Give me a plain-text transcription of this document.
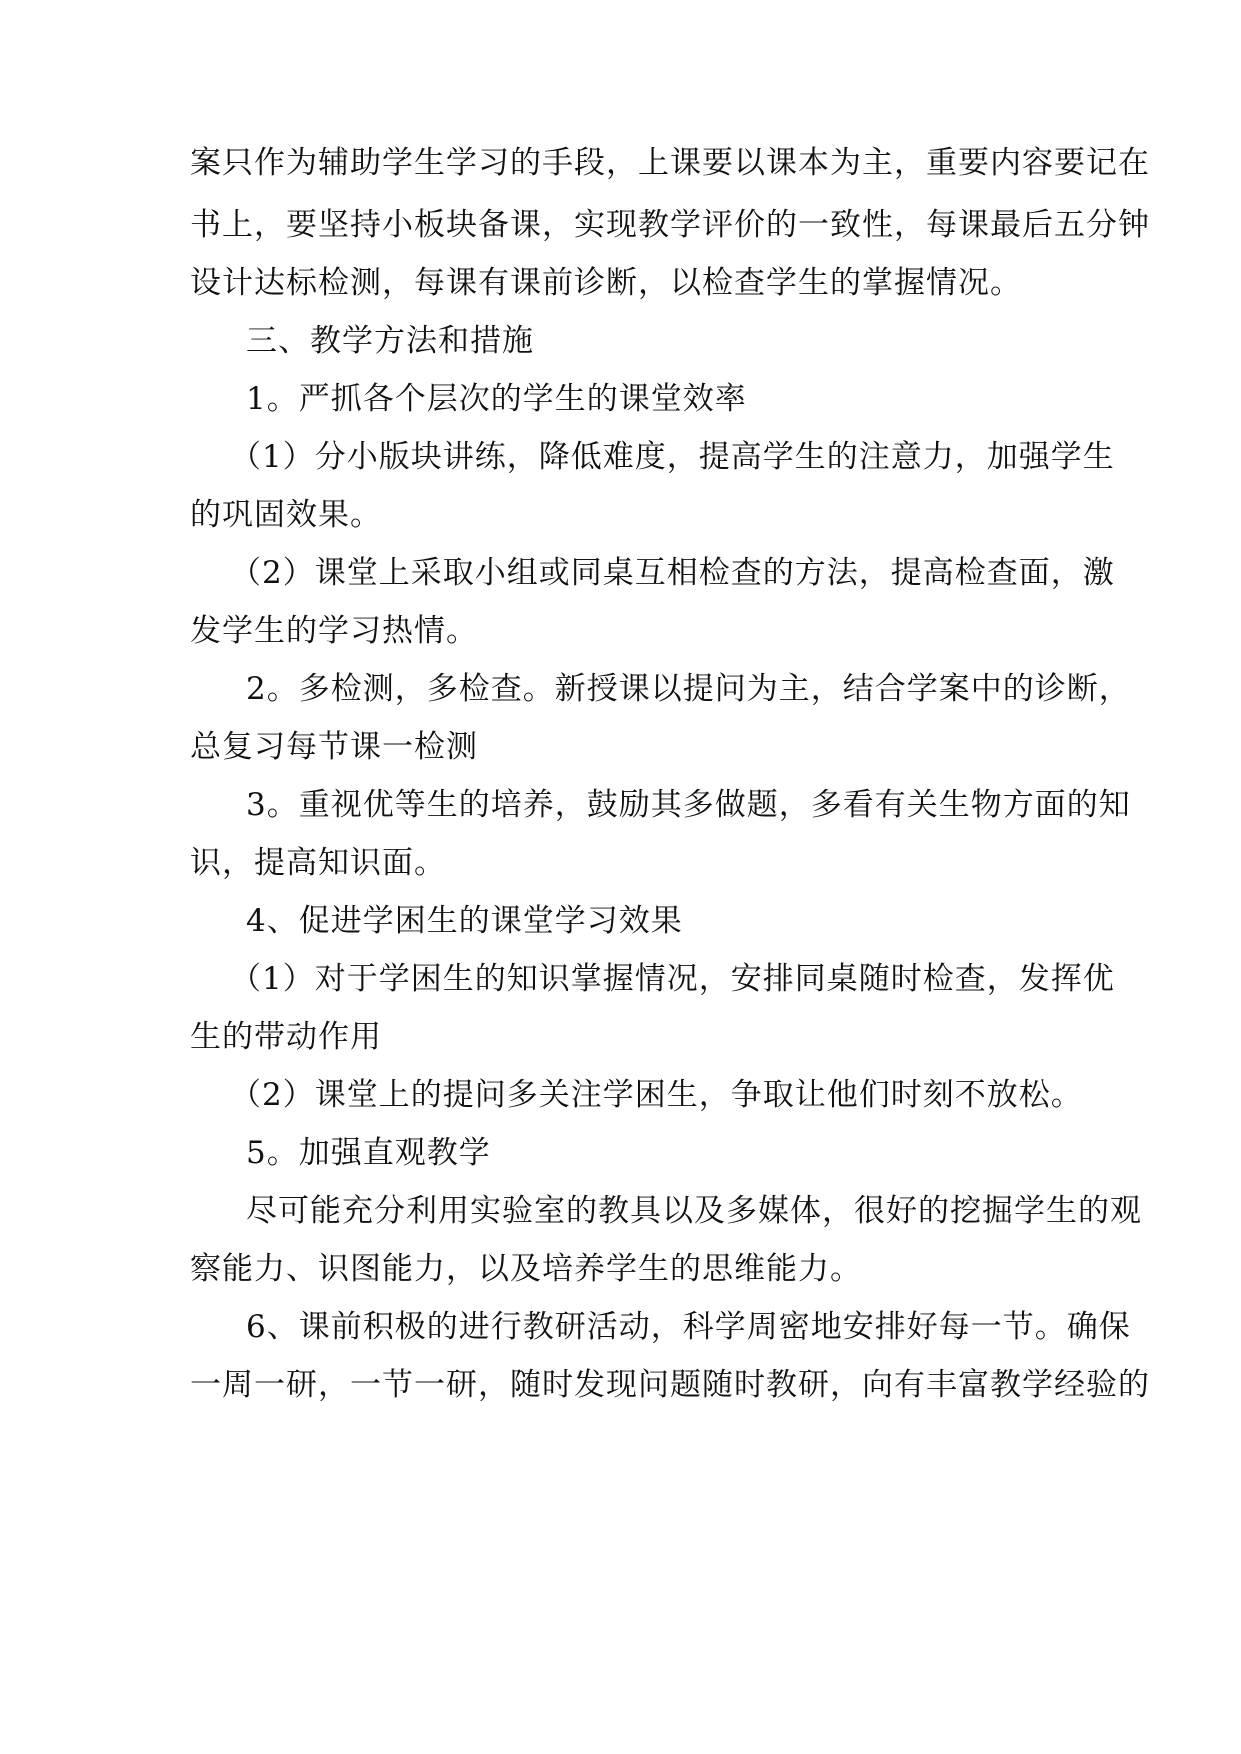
案只作为辅助学生学习的手段，上课要以课本为主，重要内容要记在
书上，要坚持小板块备课，实现教学评价的一致性，每课最后五分钟
设计达标检测，每课有课前诊断，以检查学生的掌握情况。
三、教学方法和措施
1。严抓各个层次的学生的课堂效率
（1）分小版块讲练，降低难度，提高学生的注意力，加强学生
的巩固效果。
（2）课堂上采取小组或同桌互相检查的方法，提高检查面，激
发学生的学习热情。
2。多检测，多检查。新授课以提问为主，结合学案中的诊断，
总复习每节课一检测
3。重视优等生的培养，鼓励其多做题，多看有关生物方面的知
识，提高知识面。
4、促进学困生的课堂学习效果
（1）对于学困生的知识掌握情况，安排同桌随时检查，发挥优
生的带动作用
（2）课堂上的提问多关注学困生，争取让他们时刻不放松。
5。加强直观教学
尽可能充分利用实验室的教具以及多媒体，很好的挖掘学生的观
察能力、识图能力，以及培养学生的思维能力。
6、课前积极的进行教研活动，科学周密地安排好每一节。确保
一周一研，一节一研，随时发现问题随时教研，向有丰富教学经验的
